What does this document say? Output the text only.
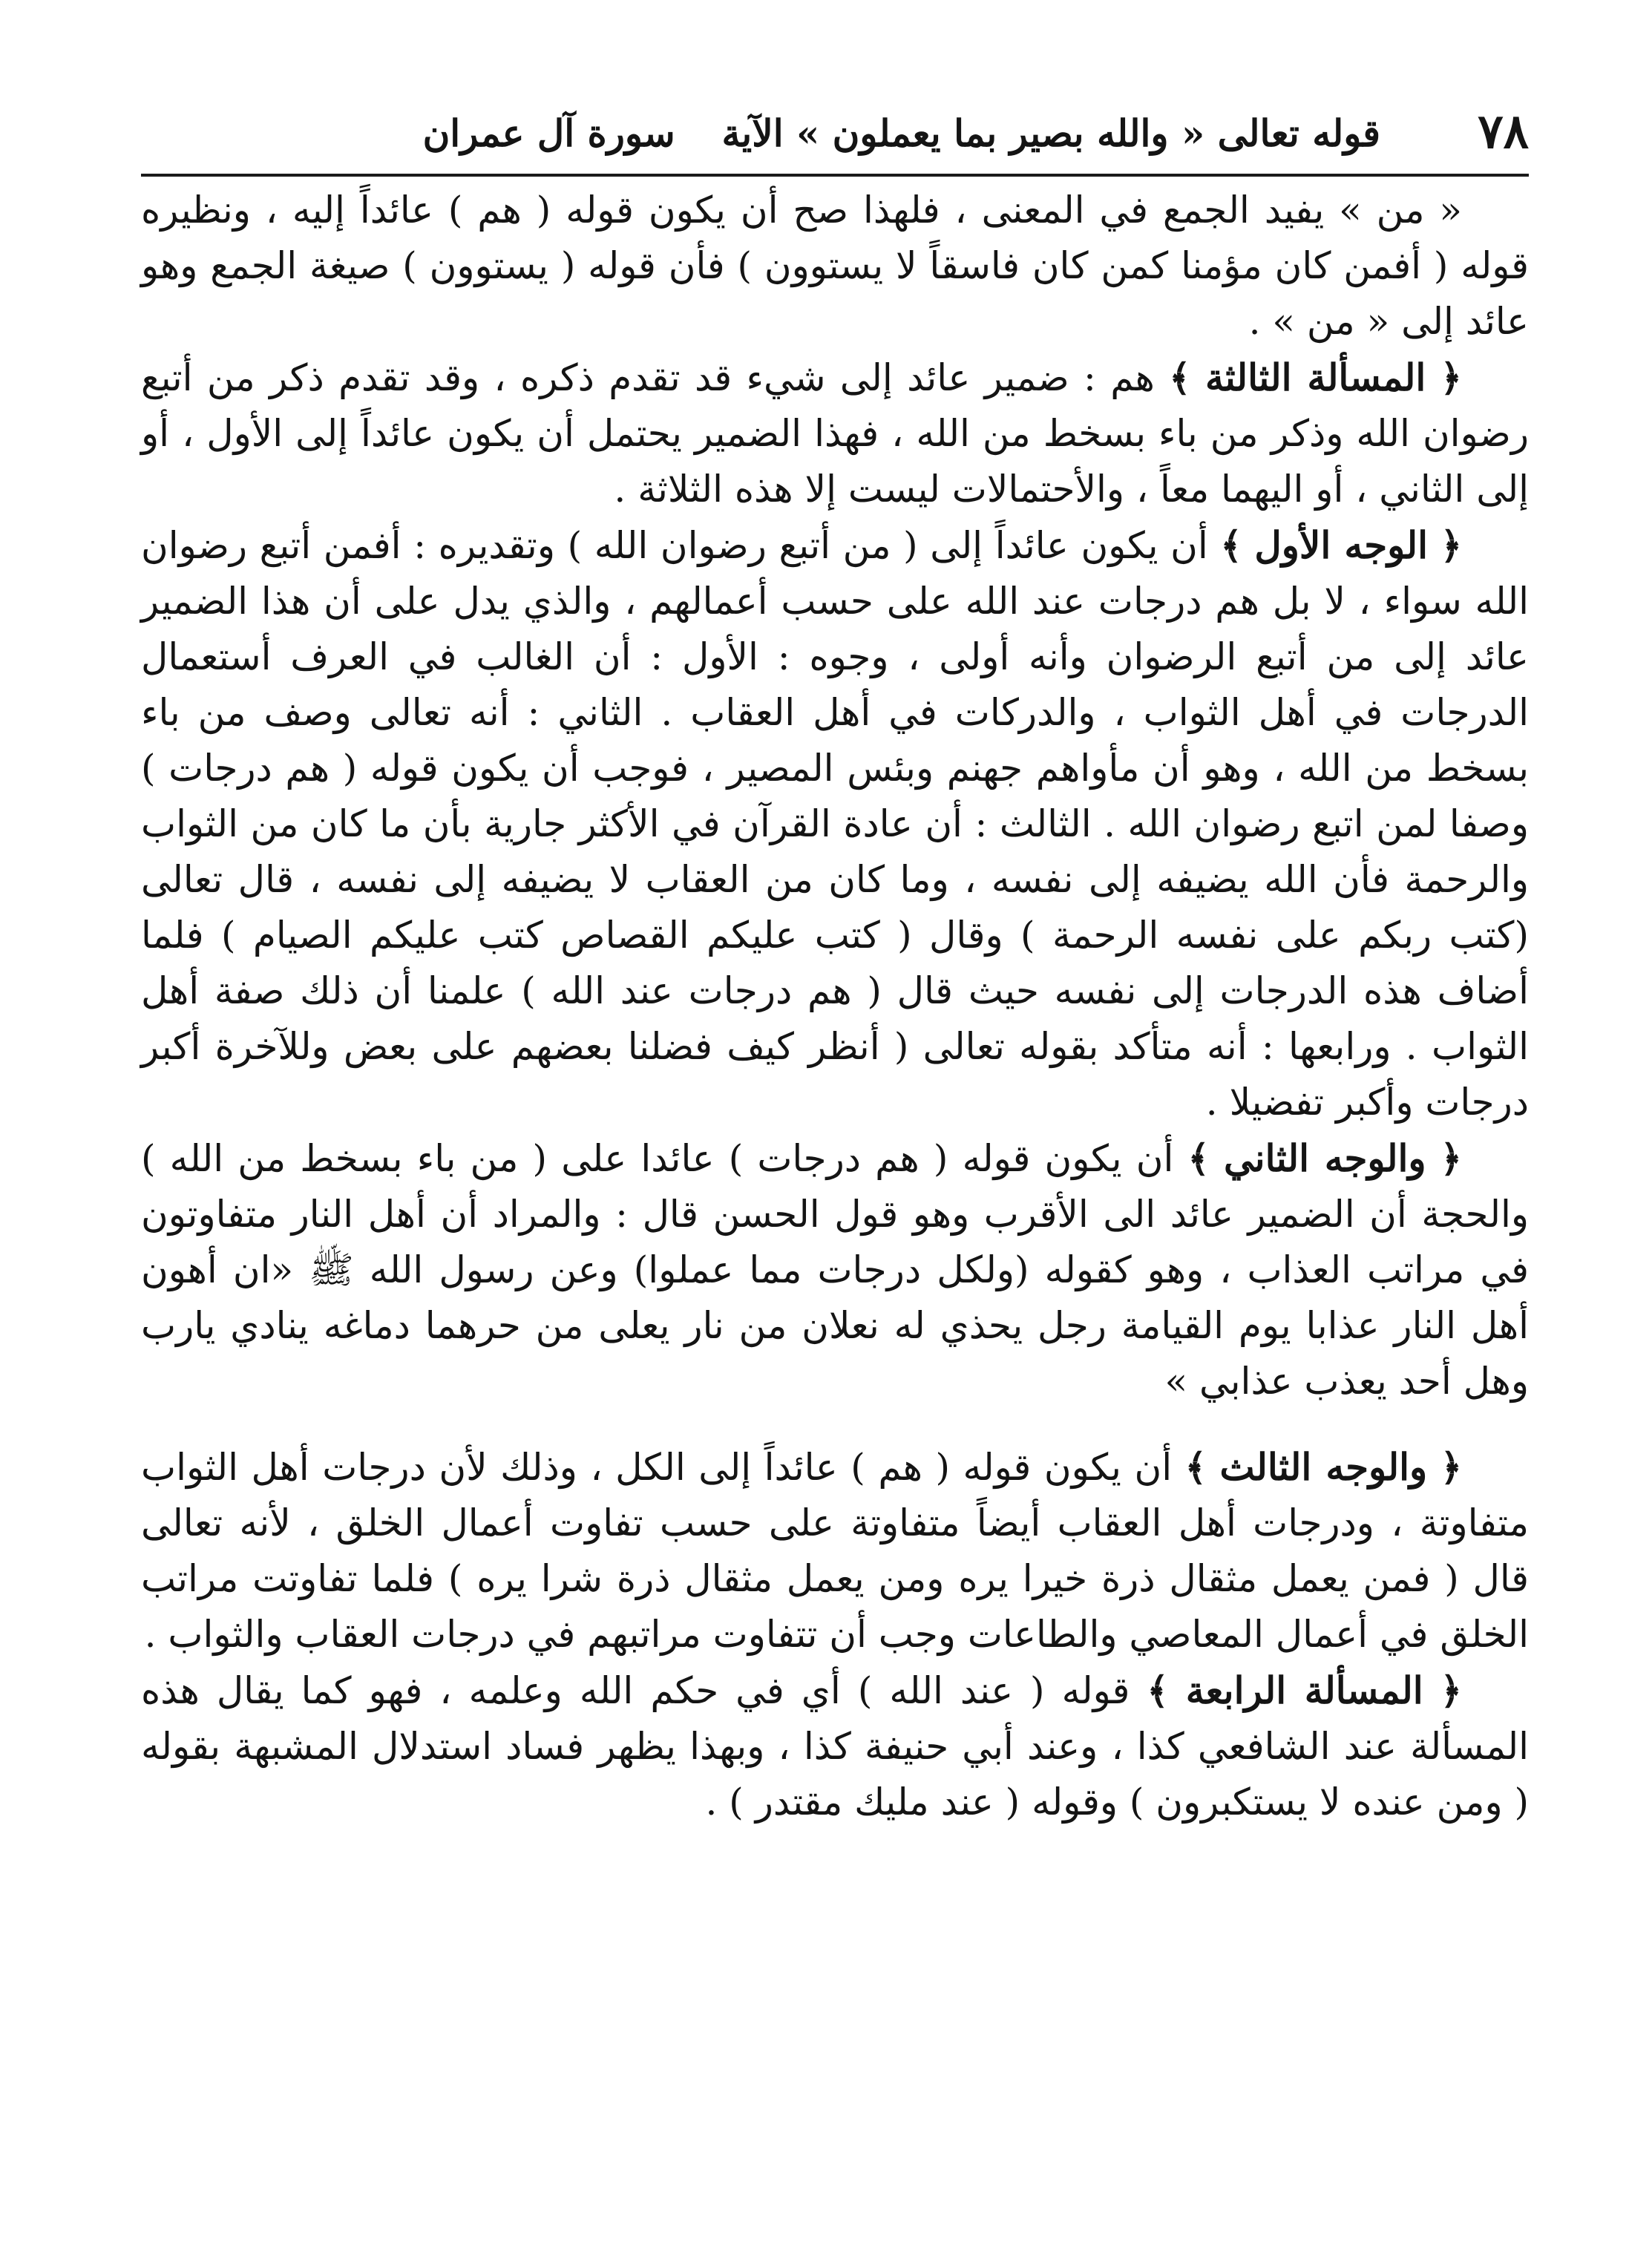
٧٨
قوله تعالى « والله بصير بما يعملون » الآية  سورة آل عمران

« من » يفيد الجمع في المعنى ، فلهذا صح أن يكون قوله ( هم ) عائداً إليه ، ونظيره قوله ( أفمن كان مؤمنا كمن كان فاسقاً لا يستوون ) فأن قوله ( يستوون ) صيغة الجمع وهو عائد إلى « من » .

﴿ المسألة الثالثة ﴾ هم : ضمير عائد إلى شيء قد تقدم ذكره ، وقد تقدم ذكر من أتبع رضوان الله وذكر من باء بسخط من الله ، فهذا الضمير يحتمل أن يكون عائداً إلى الأول ، أو إلى الثاني ، أو اليهما معاً ، والأحتمالات ليست إلا هذه الثلاثة .

﴿ الوجه الأول ﴾ أن يكون عائداً إلى ( من أتبع رضوان الله ) وتقديره : أفمن أتبع رضوان الله سواء ، لا بل هم درجات عند الله على حسب أعمالهم ، والذي يدل على أن هذا الضمير عائد إلى من أتبع الرضوان وأنه أولى ، وجوه : الأول : أن الغالب في العرف أستعمال الدرجات في أهل الثواب ، والدركات في أهل العقاب . الثاني : أنه تعالى وصف من باء بسخط من الله ، وهو أن مأواهم جهنم وبئس المصير ، فوجب أن يكون قوله ( هم درجات ) وصفا لمن اتبع رضوان الله . الثالث : أن عادة القرآن في الأكثر جارية بأن ما كان من الثواب والرحمة فأن الله يضيفه إلى نفسه ، وما كان من العقاب لا يضيفه إلى نفسه ، قال تعالى (كتب ربكم على نفسه الرحمة ) وقال ( كتب عليكم القصاص كتب عليكم الصيام ) فلما أضاف هذه الدرجات إلى نفسه حيث قال ( هم درجات عند الله ) علمنا أن ذلك صفة أهل الثواب . ورابعها : أنه متأكد بقوله تعالى ( أنظر كيف فضلنا بعضهم على بعض وللآخرة أكبر درجات وأكبر تفضيلا .

﴿ والوجه الثاني ﴾ أن يكون قوله ( هم درجات ) عائدا على ( من باء بسخط من الله ) والحجة أن الضمير عائد الى الأقرب وهو قول الحسن قال : والمراد أن أهل النار متفاوتون في مراتب العذاب ، وهو كقوله (ولكل درجات مما عملوا) وعن رسول الله ﷺ «ان أهون أهل النار عذابا يوم القيامة رجل يحذي له نعلان من نار يعلى من حرهما دماغه ينادي يارب وهل أحد يعذب عذابي »

﴿ والوجه الثالث ﴾ أن يكون قوله ( هم ) عائداً إلى الكل ، وذلك لأن درجات أهل الثواب متفاوتة ، ودرجات أهل العقاب أيضاً متفاوتة على حسب تفاوت أعمال الخلق ، لأنه تعالى قال ( فمن يعمل مثقال ذرة خيرا يره ومن يعمل مثقال ذرة شرا يره ) فلما تفاوتت مراتب الخلق في أعمال المعاصي والطاعات وجب أن تتفاوت مراتبهم في درجات العقاب والثواب .

﴿ المسألة الرابعة ﴾ قوله ( عند الله ) أي في حكم الله وعلمه ، فهو كما يقال هذه المسألة عند الشافعي كذا ، وعند أبي حنيفة كذا ، وبهذا يظهر فساد استدلال المشبهة بقوله ( ومن عنده لا يستكبرون ) وقوله ( عند مليك مقتدر ) .
